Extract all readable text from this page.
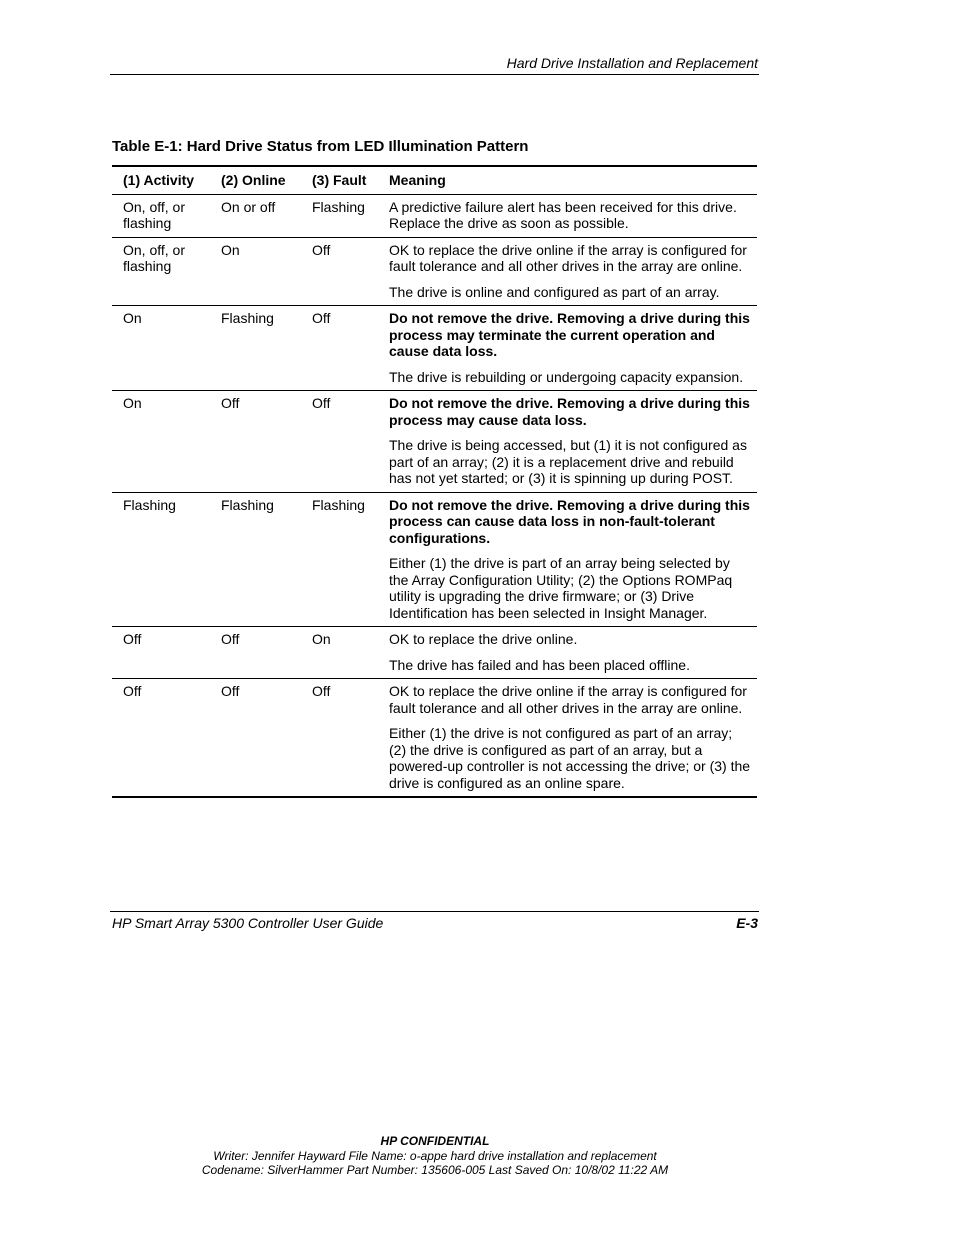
Hard Drive Installation and Replacement
Table E-1: Hard Drive Status from LED Illumination Pattern
(1) Activity	(2) Online	(3) Fault	Meaning
On, off, or flashing	On or off	Flashing	A predictive failure alert has been received for this drive. Replace the drive as soon as possible.

On, off, or flashing	On	Off	OK to replace the drive online if the array is configured for fault tolerance and all other drives in the array are online.

The drive is online and configured as part of an array.

On	Flashing	Off	Do not remove the drive. Removing a drive during this process may terminate the current operation and cause data loss.

The drive is rebuilding or undergoing capacity expansion.

On	Off	Off	Do not remove the drive. Removing a drive during this process may cause data loss.

The drive is being accessed, but (1) it is not configured as part of an array; (2) it is a replacement drive and rebuild has not yet started; or (3) it is spinning up during POST.

Flashing	Flashing	Flashing	Do not remove the drive. Removing a drive during this process can cause data loss in non-fault-tolerant configurations.

Either (1) the drive is part of an array being selected by the Array Configuration Utility; (2) the Options ROMPaq utility is upgrading the drive firmware; or (3) Drive Identification has been selected in Insight Manager.

Off	Off	On	OK to replace the drive online.

The drive has failed and has been placed offline.

Off	Off	Off	OK to replace the drive online if the array is configured for fault tolerance and all other drives in the array are online.

Either (1) the drive is not configured as part of an array; (2) the drive is configured as part of an array, but a powered-up controller is not accessing the drive; or (3) the drive is configured as an online spare.

HP Smart Array 5300 Controller User Guide	E-3
HP CONFIDENTIAL
Writer: Jennifer Hayward File Name: o-appe hard drive installation and replacement
Codename: SilverHammer Part Number: 135606-005 Last Saved On: 10/8/02 11:22 AM
